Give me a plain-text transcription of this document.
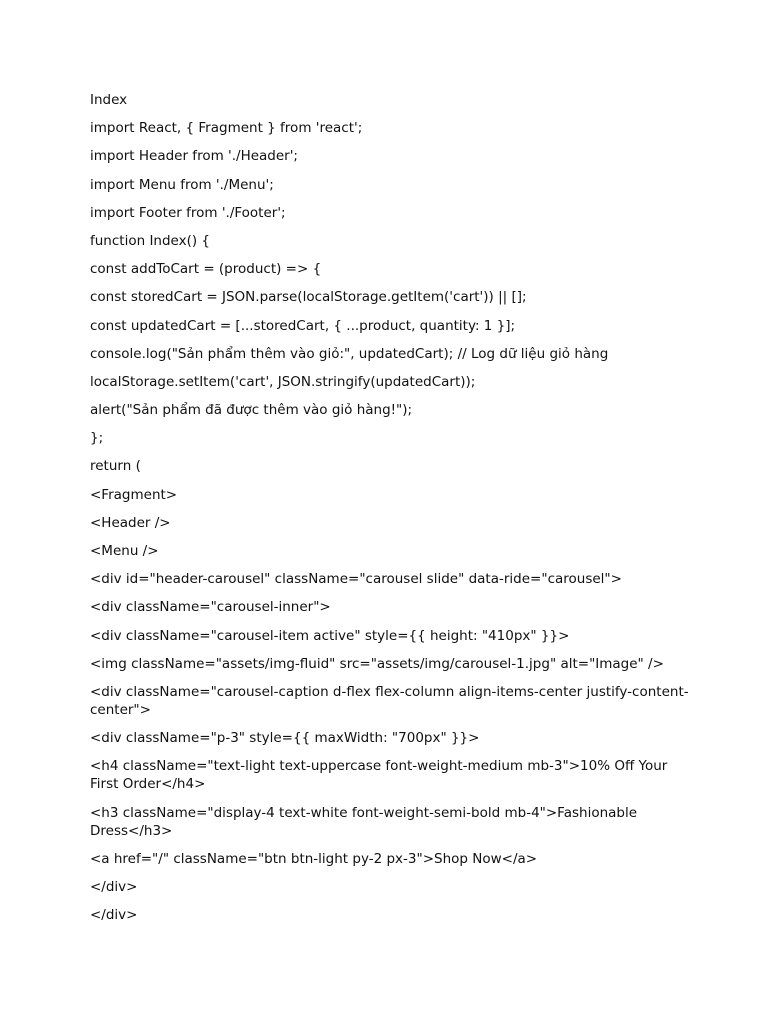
Index

import React, { Fragment } from 'react';

import Header from './Header';

import Menu from './Menu';

import Footer from './Footer';

function Index() {

const addToCart = (product) => {

const storedCart = JSON.parse(localStorage.getItem('cart')) || [];

const updatedCart = [...storedCart, { ...product, quantity: 1 }];

console.log("Sản phẩm thêm vào giỏ:", updatedCart); // Log dữ liệu giỏ hàng

localStorage.setItem('cart', JSON.stringify(updatedCart));

alert("Sản phẩm đã được thêm vào giỏ hàng!");

};

return (

<Fragment>

<Header />

<Menu />

<div id="header-carousel" className="carousel slide" data-ride="carousel">

<div className="carousel-inner">

<div className="carousel-item active" style={{ height: "410px" }}>

<img className="assets/img-fluid" src="assets/img/carousel-1.jpg" alt="Image" />

<div className="carousel-caption d-flex flex-column align-items-center justify-content-center">

<div className="p-3" style={{ maxWidth: "700px" }}>

<h4 className="text-light text-uppercase font-weight-medium mb-3">10% Off Your First Order</h4>

<h3 className="display-4 text-white font-weight-semi-bold mb-4">Fashionable Dress</h3>

<a href="/" className="btn btn-light py-2 px-3">Shop Now</a>

</div>

</div>
